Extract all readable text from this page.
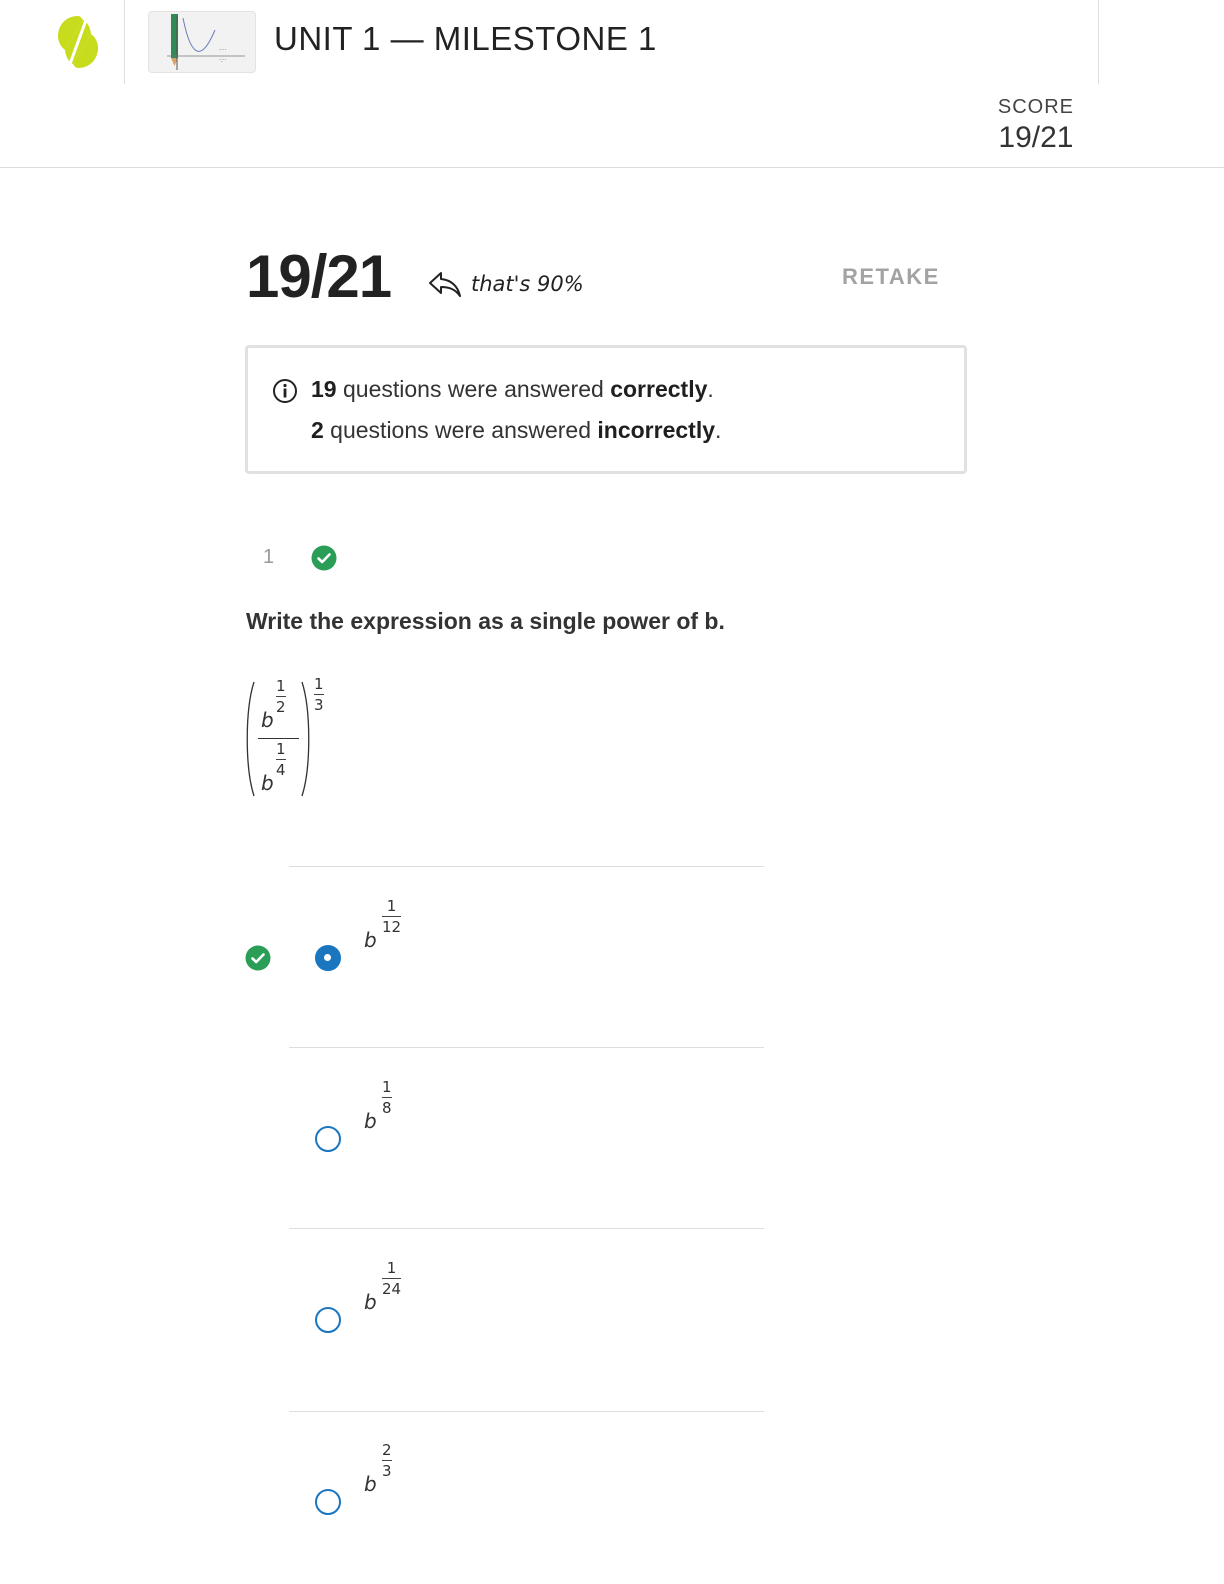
····
·:··
UNIT 1 — MILESTONE 1
SCORE
19/21
19/21	that's 90%	RETAKE
19 questions were answered correctly.
2 questions were answered incorrectly.
1
Write the expression as a single power of b.
b
1
2
1
4
b
1
3
b
1
12
b
1
8
b
1
24
b
2
3
